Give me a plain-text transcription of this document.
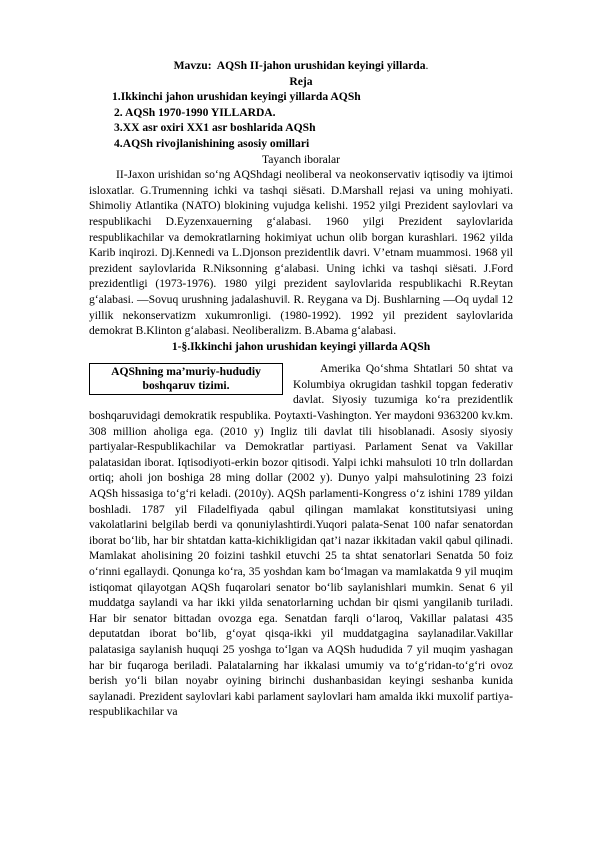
Mavzu: AQSh II-jahon urushidan keyingi yillarda.
Reja
1.Ikkinchi jahon urushidan keyingi yillarda AQSh
2. AQSh 1970-1990 YILLARDA.
3.XX asr oxiri XX1 asr boshlarida AQSh
4.AQSh rivojlanishining asosiy omillari
Tayanch iboralar

II-Jaxon urishidan so‘ng AQShdagi neoliberal va neokonservativ iqtisodiy va ijtimoi isloxatlar. G.Trumenning ichki va tashqi siёsati. D.Marshall rejasi va uning mohiyati. Shimoliy Atlantika (NATO) blokining vujudga kelishi. 1952 yilgi Prezident saylovlari va respublikachi D.Eyzenxauerning g‘alabasi. 1960 yilgi Prezident saylovlarida respublikachilar va demokratlarning hokimiyat uchun olib borgan kurashlari. 1962 yilda Karib inqirozi. Dj.Kennedi va L.Djonson prezidentlik davri. V’etnam muammosi. 1968 yil prezident saylovlarida R.Niksonning g‘alabasi. Uning ichki va tashqi siёsati. J.Ford prezidentligi (1973-1976). 1980 yilgi prezident saylovlarida respublikachi R.Reytan g‘alabasi. ―Sovuq urushning jadalashuvi‖. R. Reygana va Dj. Bushlarning ―Oq uyda‖ 12 yillik nekonservatizm xukumronligi. (1980-1992). 1992 yil prezident saylovlarida demokrat B.Klinton g‘alabasi. Neoliberalizm. B.Abama g‘alabasi.

1-§.Ikkinchi jahon urushidan keyingi yillarda AQSh
AQShning ma’muriy-hududiy boshqaruv tizimi.

Amerika Qo‘shma Shtatlari 50 shtat va Kolumbiya okrugidan tashkil topgan federativ davlat. Siyosiy tuzumiga ko‘ra prezidentlik boshqaruvidagi demokratik respublika. Poytaxti-Vashington. Yer maydoni 9363200 kv.km. 308 million aholiga ega. (2010 y) Ingliz tili davlat tili hisoblanadi. Asosiy siyosiy partiyalar-Respublikachilar va Demokratlar partiyasi. Parlament Senat va Vakillar palatasidan iborat. Iqtisodiyoti-erkin bozor qitisodi. Yalpi ichki mahsuloti 10 trln dollardan ortiq; aholi jon boshiga 28 ming dollar (2002 y). Dunyo yalpi mahsulotining 23 foizi AQSh hissasiga to‘g‘ri keladi. (2010y). AQSh parlamenti-Kongress o‘z ishini 1789 yildan boshladi. 1787 yil Filadelfiyada qabul qilingan mamlakat konstitutsiyasi uning vakolatlarini belgilab berdi va qonuniylashtirdi.Yuqori palata-Senat 100 nafar senatordan iborat bo‘lib, har bir shtatdan katta-kichikligidan qat’i nazar ikkitadan vakil qabul qilinadi. Mamlakat aholisining 20 foizini tashkil etuvchi 25 ta shtat senatorlari Senatda 50 foiz o‘rinni egallaydi. Qonunga ko‘ra, 35 yoshdan kam bo‘lmagan va mamlakatda 9 yil muqim istiqomat qilayotgan AQSh fuqarolari senator bo‘lib saylanishlari mumkin. Senat 6 yil muddatga saylandi va har ikki yilda senatorlarning uchdan bir qismi yangilanib turiladi. Har bir senator bittadan ovozga ega. Senatdan farqli o‘laroq, Vakillar palatasi 435 deputatdan iborat bo‘lib, g‘oyat qisqa-ikki yil muddatgagina saylanadilar.Vakillar palatasiga saylanish huquqi 25 yoshga to‘lgan va AQSh hududida 7 yil muqim yashagan har bir fuqaroga beriladi. Palatalarning har ikkalasi umumiy va to‘g‘ridan-to‘g‘ri ovoz berish yo‘li bilan noyabr oyining birinchi dushanbasidan keyingi seshanba kunida saylanadi. Prezident saylovlari kabi parlament saylovlari ham amalda ikki muxolif partiya-respublikachilar va
